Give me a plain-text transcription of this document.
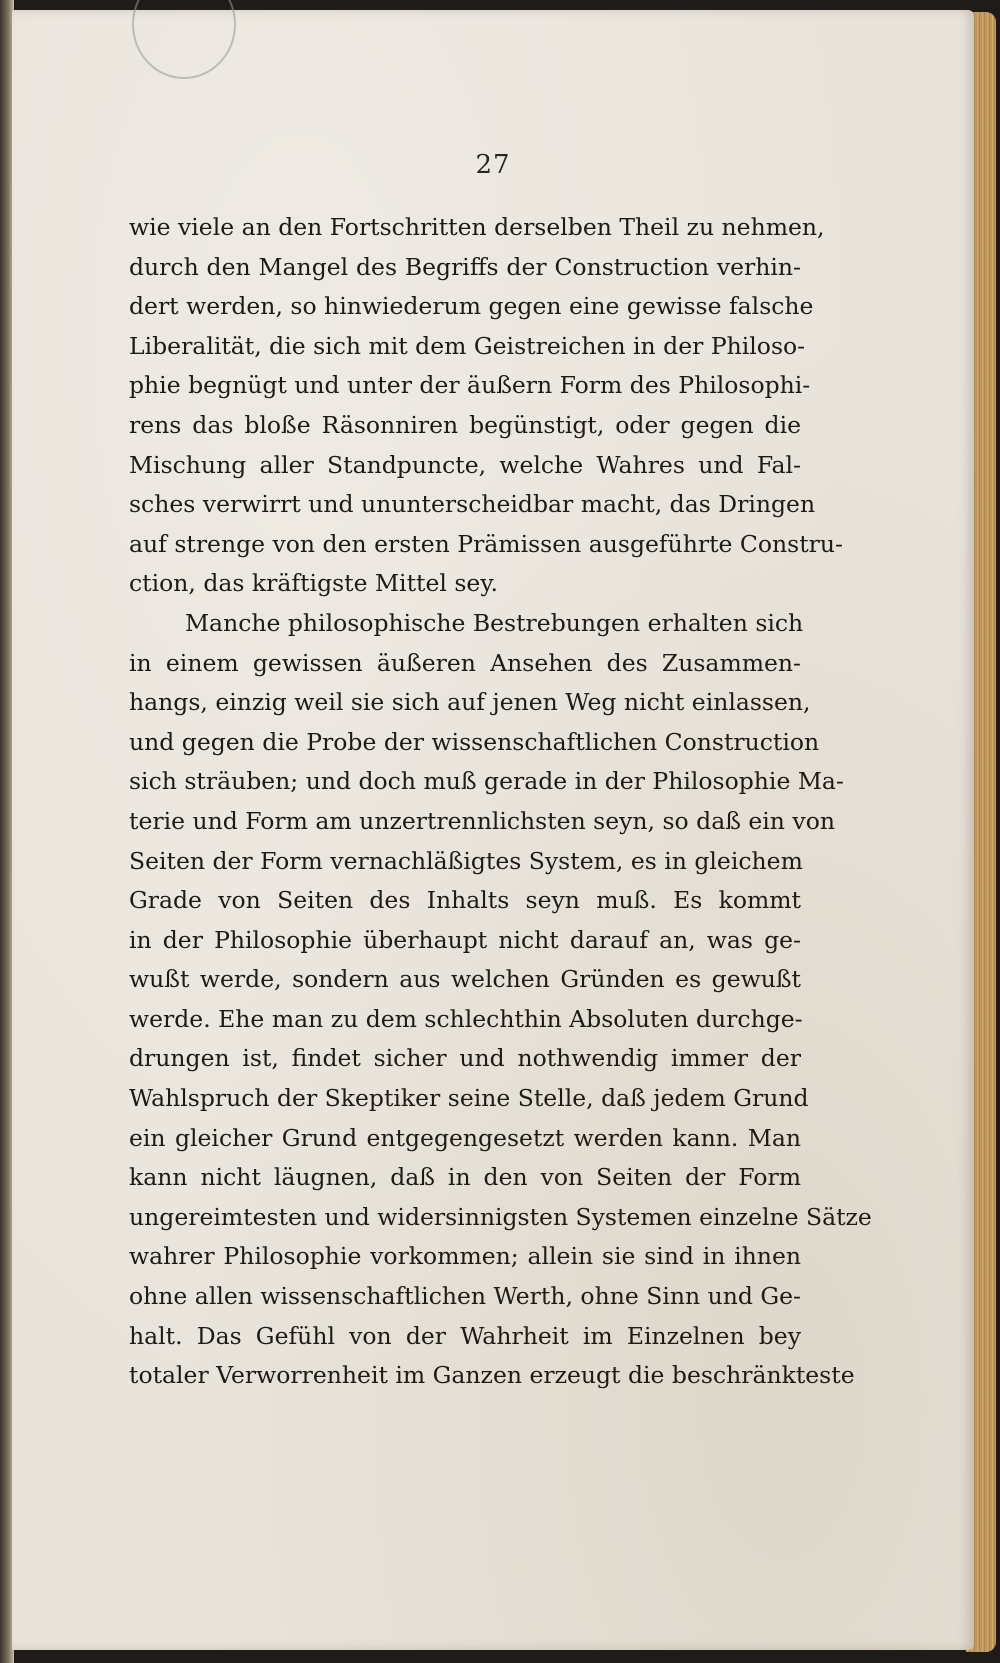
27
wie viele an den Fortschritten derselben Theil zu nehmen,
durch den Mangel des Begriffs der Construction verhin-
dert werden, so hinwiederum gegen eine gewisse falsche
Liberalität, die sich mit dem Geistreichen in der Philoso-
phie begnügt und unter der äußern Form des Philosophi-
rens das bloße Räsonniren begünstigt, oder gegen die
Mischung aller Standpuncte, welche Wahres und Fal-
sches verwirrt und ununterscheidbar macht, das Dringen
auf strenge von den ersten Prämissen ausgeführte Constru-
ction, das kräftigste Mittel sey.
Manche philosophische Bestrebungen erhalten sich
in einem gewissen äußeren Ansehen des Zusammen-
hangs, einzig weil sie sich auf jenen Weg nicht einlassen,
und gegen die Probe der wissenschaftlichen Construction
sich sträuben; und doch muß gerade in der Philosophie Ma-
terie und Form am unzertrennlichsten seyn, so daß ein von
Seiten der Form vernachläßigtes System, es in gleichem
Grade von Seiten des Inhalts seyn muß. Es kommt
in der Philosophie überhaupt nicht darauf an, was ge-
wußt werde, sondern aus welchen Gründen es gewußt
werde. Ehe man zu dem schlechthin Absoluten durchge-
drungen ist, findet sicher und nothwendig immer der
Wahlspruch der Skeptiker seine Stelle, daß jedem Grund
ein gleicher Grund entgegengesetzt werden kann. Man
kann nicht läugnen, daß in den von Seiten der Form
ungereimtesten und widersinnigsten Systemen einzelne Sätze
wahrer Philosophie vorkommen; allein sie sind in ihnen
ohne allen wissenschaftlichen Werth, ohne Sinn und Ge-
halt. Das Gefühl von der Wahrheit im Einzelnen bey
totaler Verworrenheit im Ganzen erzeugt die beschränkteste
